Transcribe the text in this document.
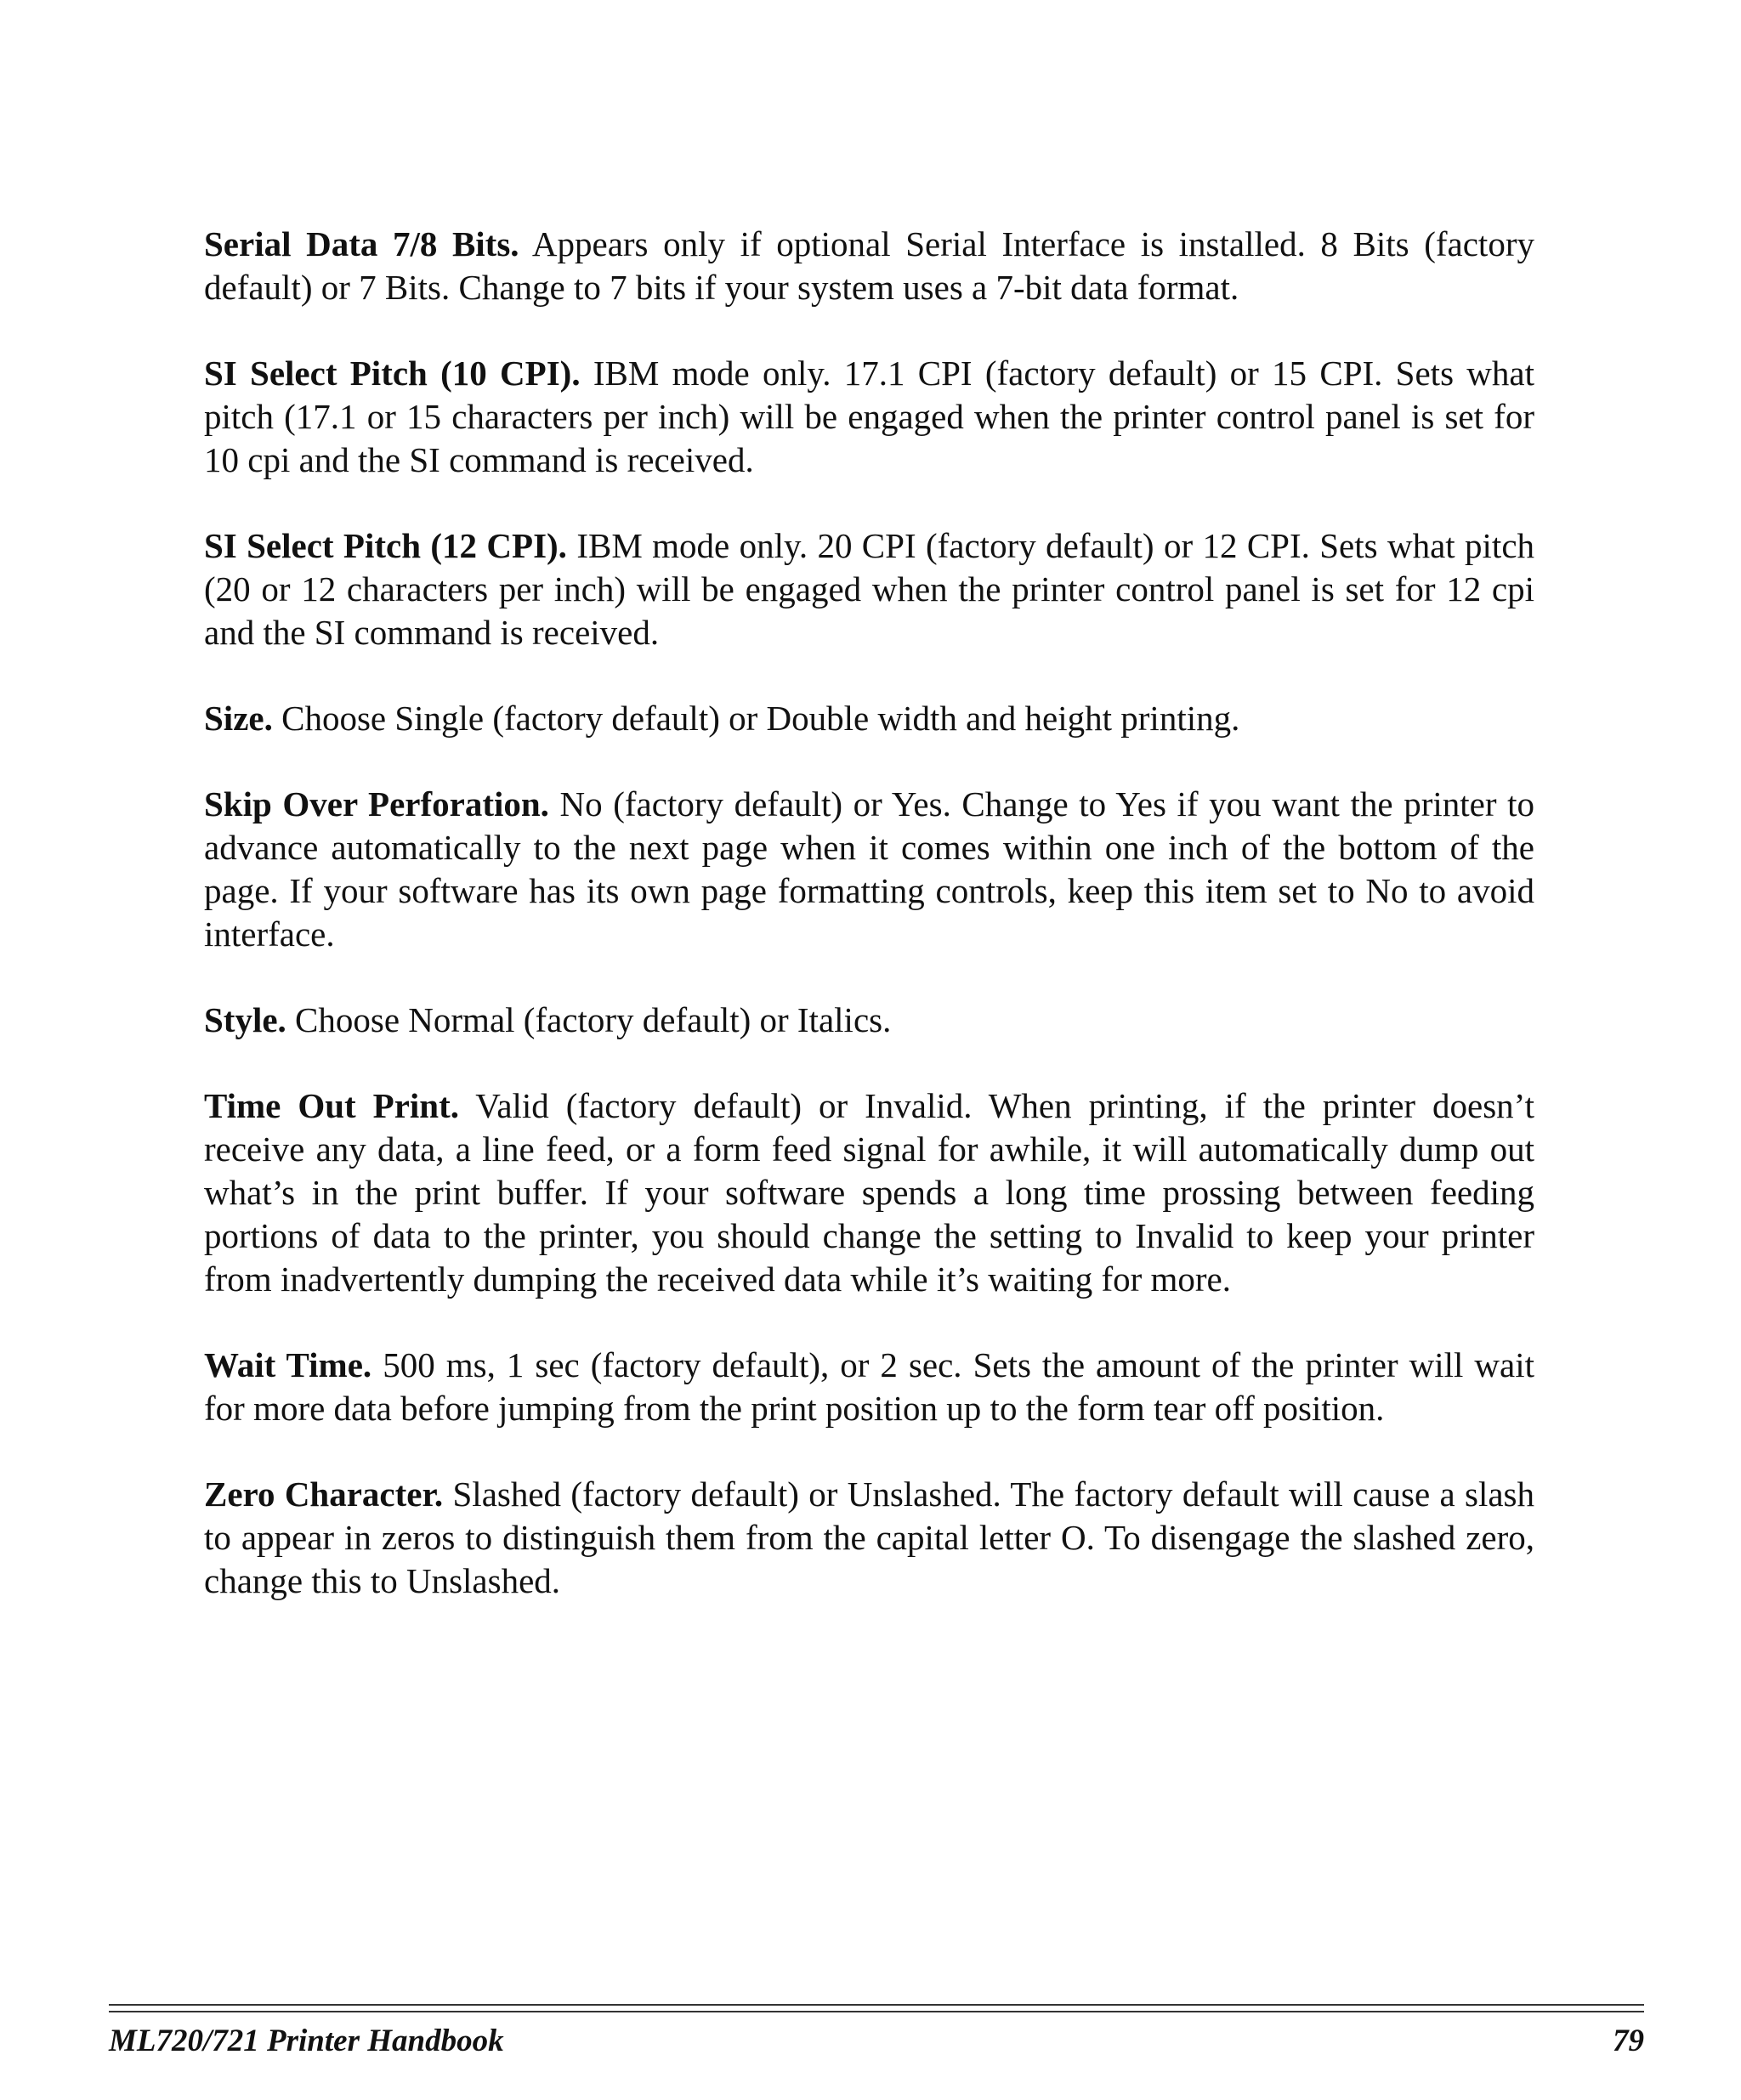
Serial Data 7/8 Bits. Appears only if optional Serial Interface is installed. 8 Bits (factory default) or 7 Bits. Change to 7 bits if your system uses a 7-bit data format.

SI Select Pitch (10 CPI). IBM mode only. 17.1 CPI (factory default) or 15 CPI. Sets what pitch (17.1 or 15 characters per inch) will be engaged when the printer control panel is set for 10 cpi and the SI command is received.

SI Select Pitch (12 CPI). IBM mode only. 20 CPI (factory default) or 12 CPI. Sets what pitch (20 or 12 characters per inch) will be engaged when the printer control panel is set for 12 cpi and the SI command is received.

Size. Choose Single (factory default) or Double width and height printing.

Skip Over Perforation. No (factory default) or Yes. Change to Yes if you want the printer to advance automatically to the next page when it comes within one inch of the bottom of the page. If your software has its own page formatting controls, keep this item set to No to avoid interface.

Style. Choose Normal (factory default) or Italics.

Time Out Print. Valid (factory default) or Invalid. When printing, if the printer doesn’t receive any data, a line feed, or a form feed signal for awhile, it will automatically dump out what’s in the print buffer. If your software spends a long time prossing between feeding portions of data to the printer, you should change the setting to Invalid to keep your printer from inadvertently dumping the received data while it’s waiting for more.

Wait Time. 500 ms, 1 sec (factory default), or 2 sec. Sets the amount of the printer will wait for more data before jumping from the print position up to the form tear off position.

Zero Character. Slashed (factory default) or Unslashed. The factory default will cause a slash to appear in zeros to distinguish them from the capital letter O. To disengage the slashed zero, change this to Unslashed.

ML720/721 Printer Handbook	79
